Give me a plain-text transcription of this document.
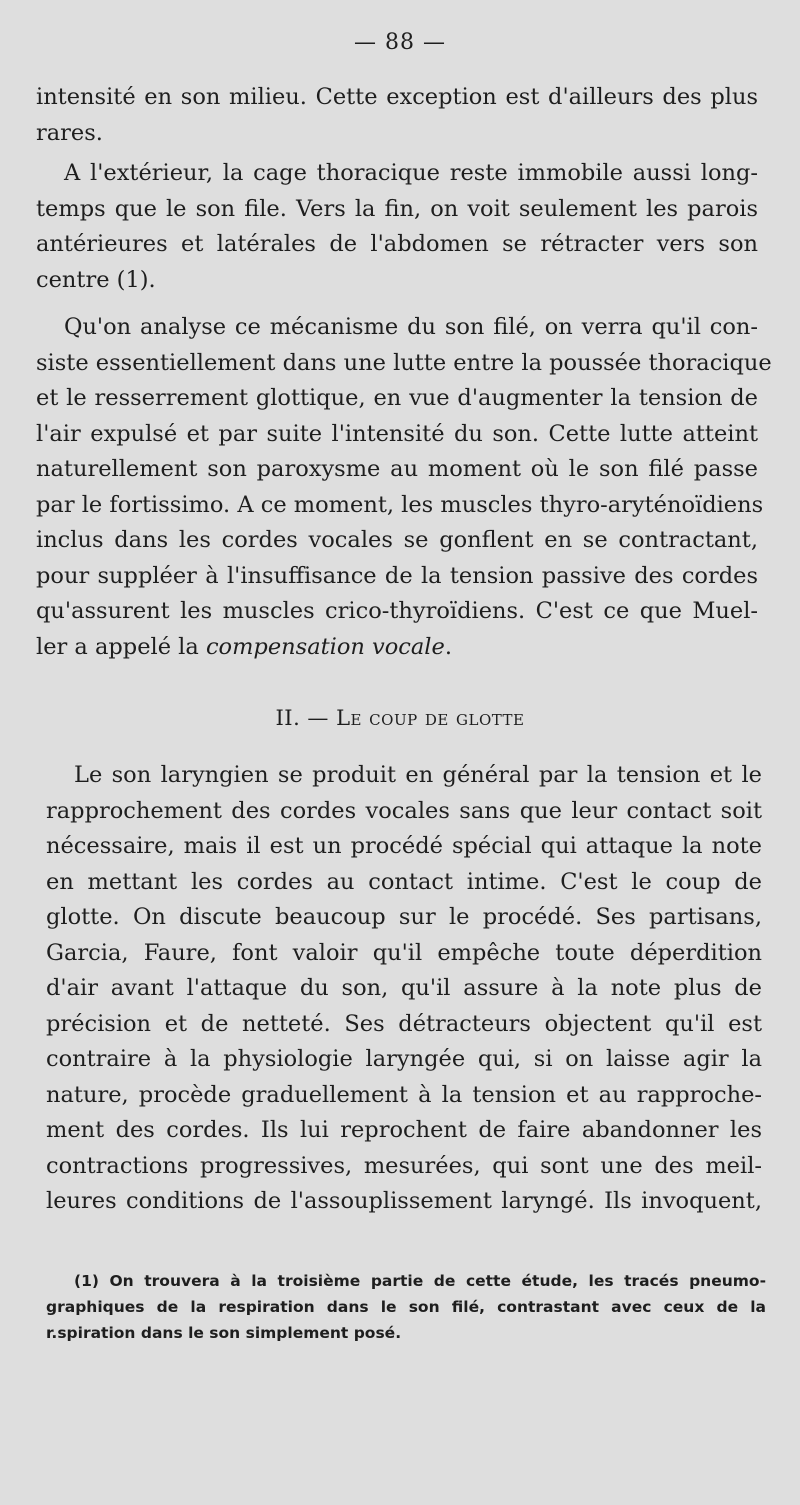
— 88 —
intensité en son milieu. Cette exception est d'ailleurs des plus
rares.
A l'extérieur, la cage thoracique reste immobile aussi long-
temps que le son file. Vers la fin, on voit seulement les parois
antérieures et latérales de l'abdomen se rétracter vers son
centre (1).
Qu'on analyse ce mécanisme du son filé, on verra qu'il con-
siste essentiellement dans une lutte entre la poussée thoracique
et le resserrement glottique, en vue d'augmenter la tension de
l'air expulsé et par suite l'intensité du son. Cette lutte atteint
naturellement son paroxysme au moment où le son filé passe
par le fortissimo. A ce moment, les muscles thyro-aryténoïdiens
inclus dans les cordes vocales se gonflent en se contractant,
pour suppléer à l'insuffisance de la tension passive des cordes
qu'assurent les muscles crico-thyroïdiens. C'est ce que Muel-
ler a appelé la compensation vocale.
II. — Le coup de glotte
Le son laryngien se produit en général par la tension et le
rapprochement des cordes vocales sans que leur contact soit
nécessaire, mais il est un procédé spécial qui attaque la note
en mettant les cordes au contact intime. C'est le coup de
glotte. On discute beaucoup sur le procédé. Ses partisans,
Garcia, Faure, font valoir qu'il empêche toute déperdition
d'air avant l'attaque du son, qu'il assure à la note plus de
précision et de netteté. Ses détracteurs objectent qu'il est
contraire à la physiologie laryngée qui, si on laisse agir la
nature, procède graduellement à la tension et au rapproche-
ment des cordes. Ils lui reprochent de faire abandonner les
contractions progressives, mesurées, qui sont une des meil-
leures conditions de l'assouplissement laryngé. Ils invoquent,
(1) On trouvera à la troisième partie de cette étude, les tracés pneumo-
graphiques de la respiration dans le son filé, contrastant avec ceux de la
r.spiration dans le son simplement posé.
